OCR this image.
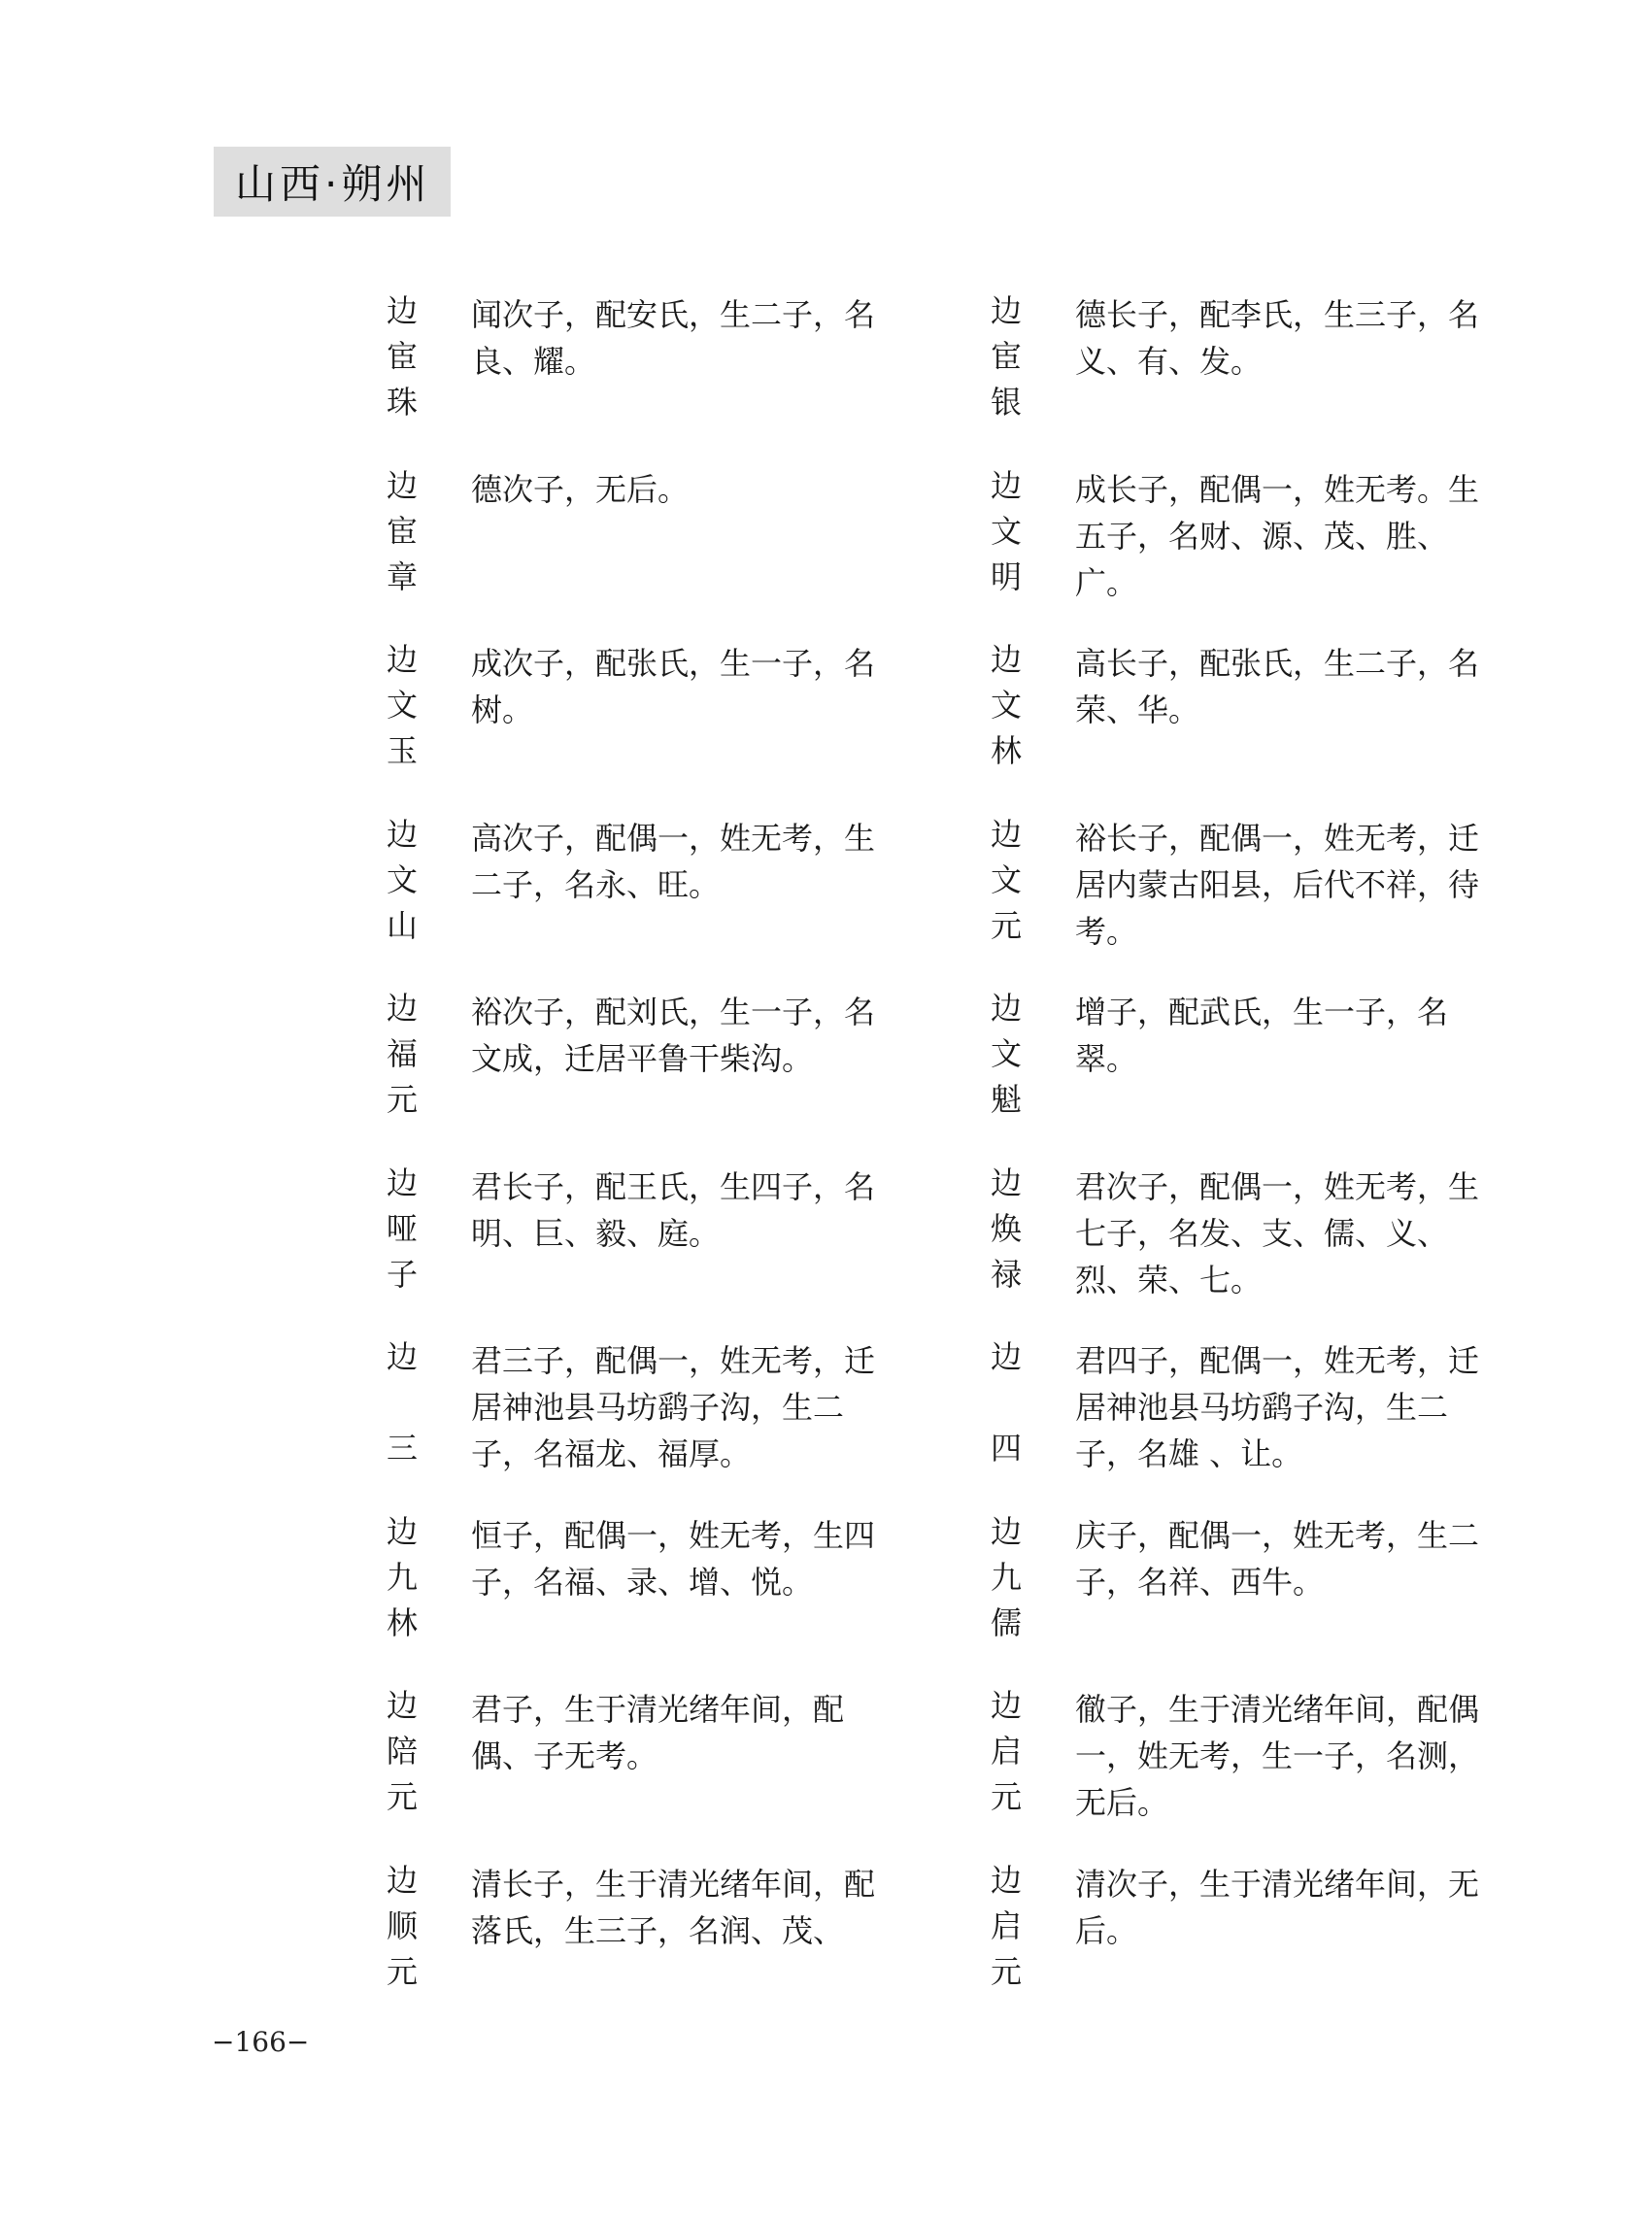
山西·朔州
边
宦
珠
闻次子，配安氏，生二子，名良、耀。
边
宦
银
德长子，配李氏，生三子，名义、有、发。
边
宦
章
德次子，无后。	边
文
明
成长子，配偶一，姓无考。生五子，名财、源、茂、胜、广。
边
文
玉
成次子，配张氏，生一子，名树。
边
文
林
高长子，配张氏，生二子，名荣、华。
边
文
山
高次子，配偶一，姓无考，生二子，名永、旺。
边
文
元
裕长子，配偶一，姓无考，迁居内蒙古阳县，后代不祥，待考。
边
福
元
裕次子，配刘氏，生一子，名文成，迁居平鲁干柴沟。
边
文
魁
增子，配武氏，生一子，名翠。
边
哑
子
君长子，配王氏，生四子，名明、巨、毅、庭。
边
焕
禄
君次子，配偶一，姓无考，生七子，名发、支、儒、义、烈、荣、七。
边
三
君三子，配偶一，姓无考，迁居神池县马坊鹞子沟，生二子，名福龙、福厚。
边
四
君四子，配偶一，姓无考，迁居神池县马坊鹞子沟，生二子，名雄 、让。
边
九
林
恒子，配偶一，姓无考，生四子，名福、录、增、悦。
边
九
儒
庆子，配偶一，姓无考，生二子，名祥、西牛。
边
陪
元
君子，生于清光绪年间，配偶、子无考。
边
启
元
徹子，生于清光绪年间，配偶一，姓无考，生一子，名测，无后。
边
顺
元
清长子，生于清光绪年间，配落氏，生三子，名润、茂、
边
启
元
清次子，生于清光绪年间，无后。
−166−
